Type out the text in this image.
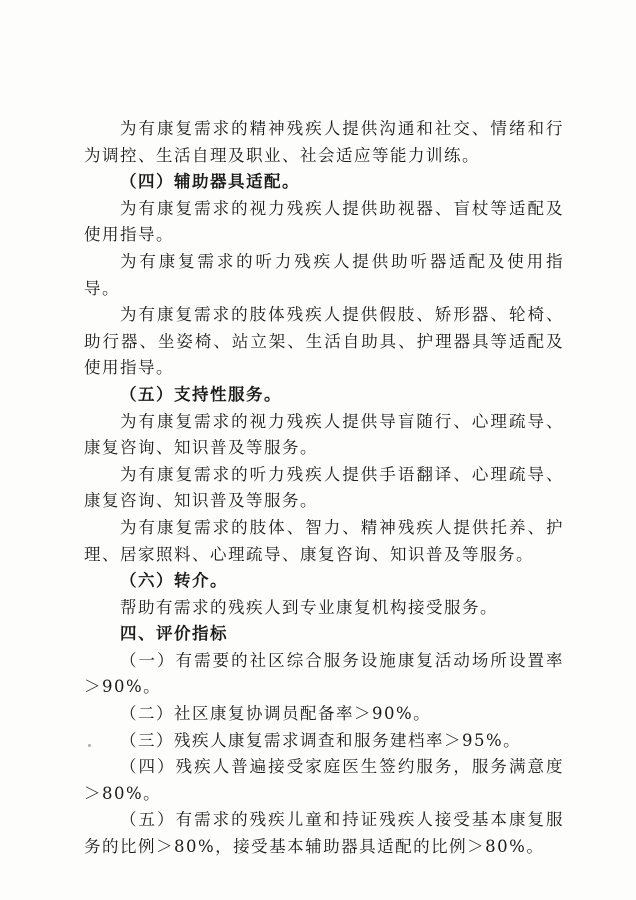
为有康复需求的精神残疾人提供沟通和社交、情绪和行为调控、生活自理及职业、社会适应等能力训练。

（四）辅助器具适配。

为有康复需求的视力残疾人提供助视器、盲杖等适配及使用指导。

为有康复需求的听力残疾人提供助听器适配及使用指导。

为有康复需求的肢体残疾人提供假肢、矫形器、轮椅、助行器、坐姿椅、站立架、生活自助具、护理器具等适配及使用指导。

（五）支持性服务。

为有康复需求的视力残疾人提供导盲随行、心理疏导、康复咨询、知识普及等服务。

为有康复需求的听力残疾人提供手语翻译、心理疏导、康复咨询、知识普及等服务。

为有康复需求的肢体、智力、精神残疾人提供托养、护理、居家照料、心理疏导、康复咨询、知识普及等服务。

（六）转介。

帮助有需求的残疾人到专业康复机构接受服务。

四、评价指标

（一）有需要的社区综合服务设施康复活动场所设置率＞90%。

（二）社区康复协调员配备率＞90%。

（三）残疾人康复需求调查和服务建档率＞95%。

（四）残疾人普遍接受家庭医生签约服务，服务满意度＞80%。

（五）有需求的残疾儿童和持证残疾人接受基本康复服务的比例＞80%，接受基本辅助器具适配的比例＞80%。
